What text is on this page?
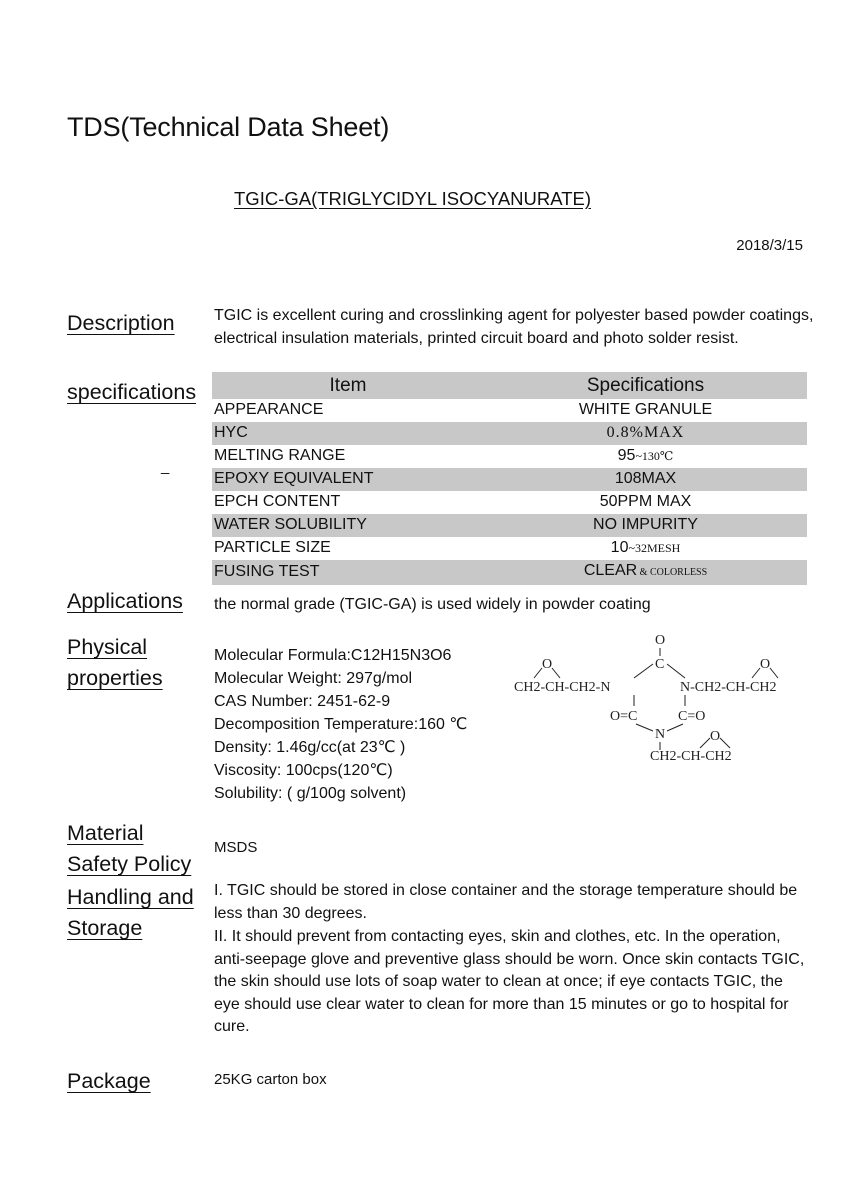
TDS(Technical Data Sheet)
TGIC-GA(TRIGLYCIDYL ISOCYANURATE)
2018/3/15
Description TGIC is excellent curing and crosslinking agent for polyester based powder coatings, electrical insulation materials, printed circuit board and photo solder resist.
specifications
_
Item	Specifications
APPEARANCE	WHITE GRANULE
HYC	0.8%MAX
MELTING RANGE	95~130℃
EPOXY EQUIVALENT	108MAX
EPCH CONTENT	50PPM MAX
WATER SOLUBILITY	NO IMPURITY
PARTICLE SIZE	10~32MESH
FUSING TEST	CLEAR & COLORLESS
Applications the normal grade (TGIC-GA) is used widely in powder coating
Physical
properties
Molecular Formula:C12H15N3O6
Molecular Weight: 297g/mol
CAS Number: 2451-62-9
Decomposition Temperature:160 ℃
Density: 1.46g/cc(at 23℃ )
Viscosity: 100cps(120℃)
Solubility: ( g/100g solvent)
O
C
CH2-CH-CH2-N	N-CH2-CH-CH2
O	O
O=C	C=O
N
CH2-CH-CH2
O
Material
Safety Policy
MSDS
Handling and
Storage
I. TGIC should be stored in close container and the storage temperature should be less than 30 degrees.
II. It should prevent from contacting eyes, skin and clothes, etc. In the operation, anti-seepage glove and preventive glass should be worn. Once skin contacts TGIC, the skin should use lots of soap water to clean at once; if eye contacts TGIC, the eye should use clear water to clean for more than 15 minutes or go to hospital for cure.
Package	25KG carton box
